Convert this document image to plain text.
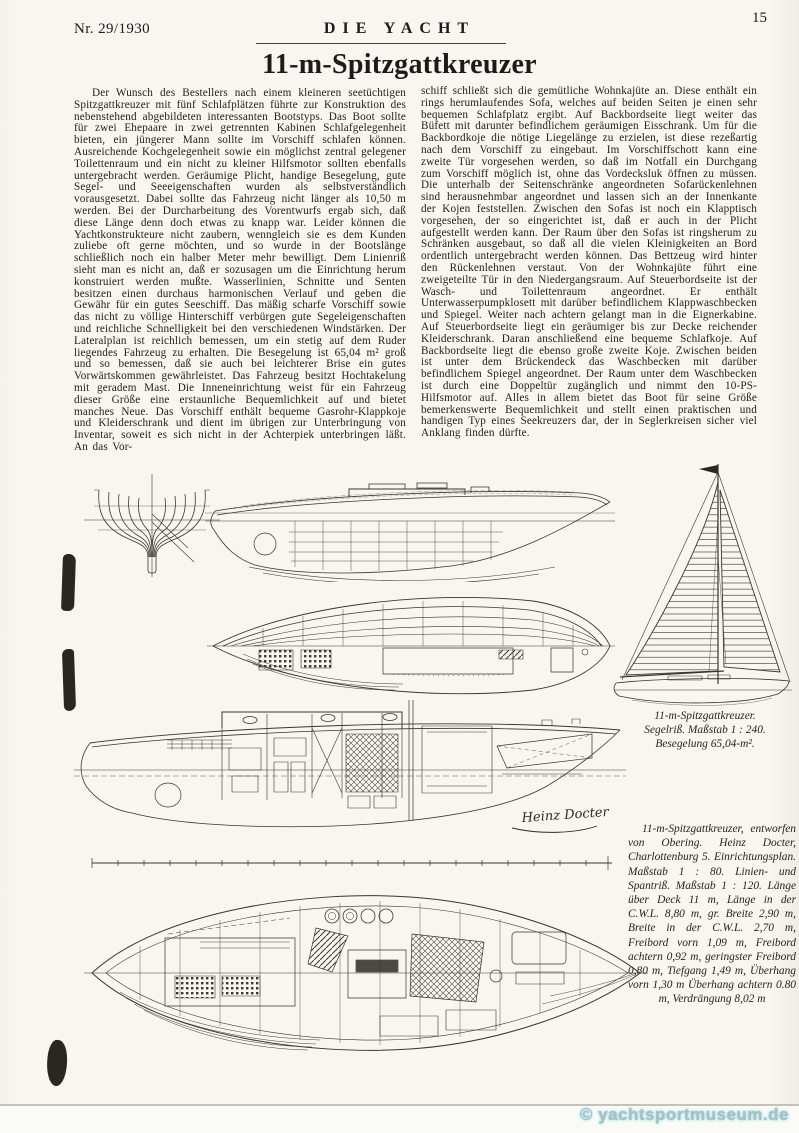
Nr. 29/1930	DIE YACHT
15
11-m-Spitzgattkreuzer
Der Wunsch des Bestellers nach einem kleineren seetüchtigen Spitzgattkreuzer mit fünf Schlafplätzen führte zur Konstruktion des nebenstehend abgebildeten interessanten Bootstyps. Das Boot sollte für zwei Ehepaare in zwei getrennten Kabinen Schlafgelegenheit bieten, ein jüngerer Mann sollte im Vorschiff schlafen können. Ausreichende Kochgelegenheit sowie ein möglichst zentral gelegener Toilettenraum und ein nicht zu kleiner Hilfsmotor sollten ebenfalls untergebracht werden. Geräumige Plicht, handige Besegelung, gute Segel- und Seeeigenschaften wurden als selbstverständlich vorausgesetzt. Dabei sollte das Fahrzeug nicht länger als 10,50 m werden. Bei der Durcharbeitung des Vorentwurfs ergab sich, daß diese Länge denn doch etwas zu knapp war. Leider können die Yachtkonstrukteure nicht zaubern, wenngleich sie es dem Kunden zuliebe oft gerne möchten, und so wurde in der Bootslänge schließlich noch ein halber Meter mehr bewilligt. Dem Linienriß sieht man es nicht an, daß er sozusagen um die Einrichtung herum konstruiert werden mußte. Wasserlinien, Schnitte und Senten besitzen einen durchaus harmonischen Verlauf und geben die Gewähr für ein gutes Seeschiff. Das mäßig scharfe Vorschiff sowie das nicht zu völlige Hinterschiff verbürgen gute Segeleigenschaften und reichliche Schnelligkeit bei den verschiedenen Windstärken. Der Lateralplan ist reichlich bemessen, um ein stetig auf dem Ruder liegendes Fahrzeug zu erhalten. Die Besegelung ist 65,04 m² groß und so bemessen, daß sie auch bei leichterer Brise ein gutes Vorwärtskommen gewährleistet. Das Fahrzeug besitzt Hochtakelung mit geradem Mast. Die Inneneinrichtung weist für ein Fahrzeug dieser Größe eine erstaunliche Bequemlichkeit auf und bietet manches Neue. Das Vorschiff enthält bequeme Gasrohr-Klappkoje und Kleiderschrank und dient im übrigen zur Unterbringung von Inventar, soweit es sich nicht in der Achterpiek unterbringen läßt. An das Vor-
schiff schließt sich die gemütliche Wohnkajüte an. Diese enthält ein rings herumlaufendes Sofa, welches auf beiden Seiten je einen sehr bequemen Schlafplatz ergibt. Auf Backbordseite liegt weiter das Büfett mit darunter befindlichem geräumigen Eisschrank. Um für die Backbordkoje die nötige Liegelänge zu erzielen, ist diese rezeßartig nach dem Vorschiff zu eingebaut. Im Vorschiffschott kann eine zweite Tür vorgesehen werden, so daß im Notfall ein Durchgang zum Vorschiff möglich ist, ohne das Vordecksluk öffnen zu müssen. Die unterhalb der Seitenschränke angeordneten Sofarückenlehnen sind herausnehmbar angeordnet und lassen sich an der Innenkante der Kojen feststellen. Zwischen den Sofas ist noch ein Klapptisch vorgesehen, der so eingerichtet ist, daß er auch in der Plicht aufgestellt werden kann. Der Raum über den Sofas ist ringsherum zu Schränken ausgebaut, so daß all die vielen Kleinigkeiten an Bord ordentlich untergebracht werden können. Das Bettzeug wird hinter den Rückenlehnen verstaut. Von der Wohnkajüte führt eine zweigeteilte Tür in den Niedergangsraum. Auf Steuerbordseite ist der Wasch- und Toilettenraum angeordnet. Er enthält Unterwasserpumpklosett mit darüber befindlichem Klappwaschbecken und Spiegel. Weiter nach achtern gelangt man in die Eignerkabine. Auf Steuerbordseite liegt ein geräumiger bis zur Decke reichender Kleiderschrank. Daran anschließend eine bequeme Schlafkoje. Auf Backbordseite liegt die ebenso große zweite Koje. Zwischen beiden ist unter dem Brückendeck das Waschbecken mit darüber befindlichem Spiegel angeordnet. Der Raum unter dem Waschbecken ist durch eine Doppeltür zugänglich und nimmt den 10-PS-Hilfsmotor auf. Alles in allem bietet das Boot für seine Größe bemerkenswerte Bequemlichkeit und stellt einen praktischen und handigen Typ eines Seekreuzers dar, der in Seglerkreisen sicher viel Anklang finden dürfte.
11-m-Spitzgattkreuzer.
Segelriß. Maßstab 1 : 240.
Besegelung 65,04-m².
Heinz Docter
11-m-Spitzgattkreuzer, entworfen von Obering. Heinz Docter, Charlottenburg 5. Einrichtungsplan. Maßstab 1 : 80. Linien- und Spantriß. Maßstab 1 : 120. Länge über Deck 11 m, Länge in der C.W.L. 8,80 m, gr. Breite 2,90 m, Breite in der C.W.L. 2,70 m, Freibord vorn 1,09 m, Freibord achtern 0,92 m, geringster Freibord 0,80 m, Tiefgang 1,49 m, Überhang vorn 1,30 m Überhang achtern 0.80 m, Verdrängung 8,02 m
© yachtsportmuseum.de
